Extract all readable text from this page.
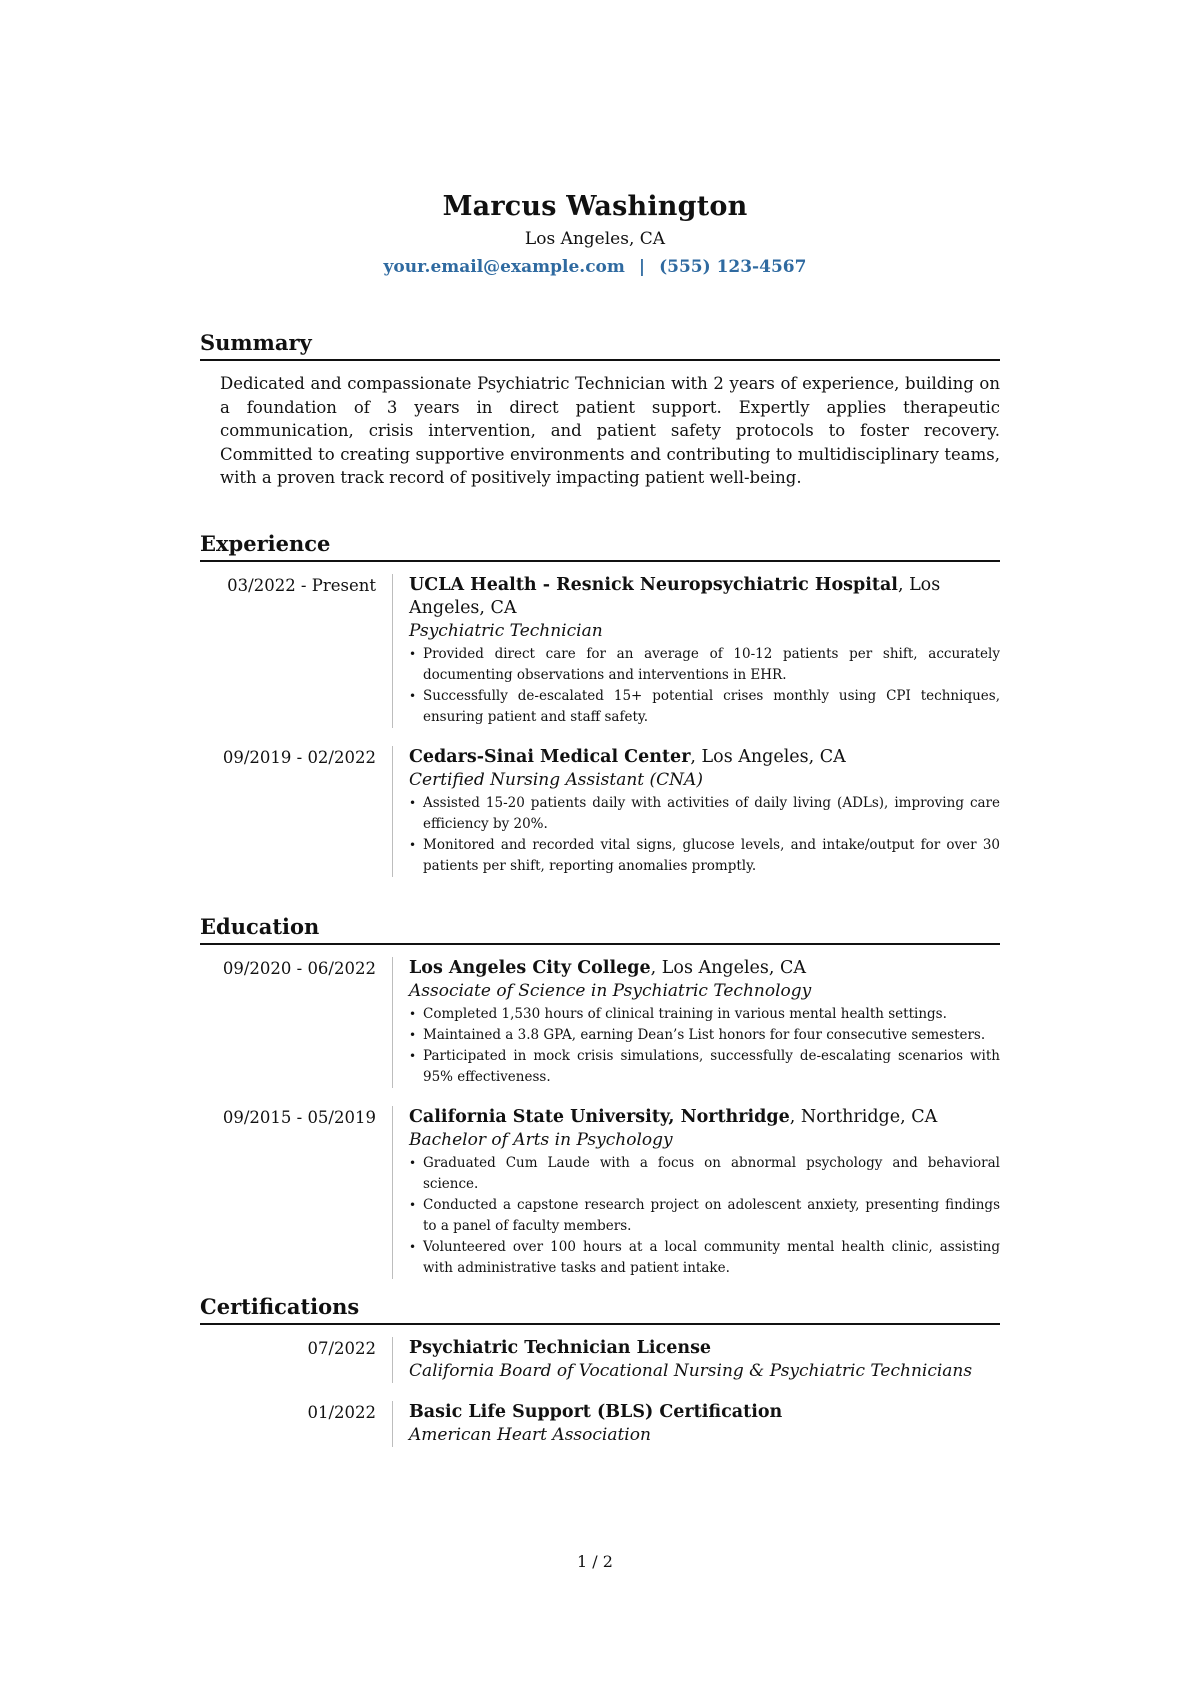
Marcus Washington
Los Angeles, CA
your.email@example.com | (555) 123-4567
Summary
Dedicated and compassionate Psychiatric Technician with 2 years of experience, building on a foundation of 3 years in direct patient support. Expertly applies therapeutic communication, crisis intervention, and patient safety protocols to foster recovery. Committed to creating supportive environments and contributing to multidisciplinary teams, with a proven track record of positively impacting patient well-being.
Experience
03/2022 - Present UCLA Health - Resnick Neuropsychiatric Hospital, Los Angeles, CA
Psychiatric Technician
• Provided direct care for an average of 10-12 patients per shift, accurately documenting observations and interventions in EHR.
• Successfully de-escalated 15+ potential crises monthly using CPI techniques, ensuring patient and staff safety.
09/2019 - 02/2022 Cedars-Sinai Medical Center, Los Angeles, CA
Certified Nursing Assistant (CNA)
• Assisted 15-20 patients daily with activities of daily living (ADLs), improving care efficiency by 20%.
• Monitored and recorded vital signs, glucose levels, and intake/output for over 30 patients per shift, reporting anomalies promptly.
Education
09/2020 - 06/2022 Los Angeles City College, Los Angeles, CA
Associate of Science in Psychiatric Technology
• Completed 1,530 hours of clinical training in various mental health settings.
• Maintained a 3.8 GPA, earning Dean’s List honors for four consecutive semesters.
• Participated in mock crisis simulations, successfully de-escalating scenarios with 95% effectiveness.
09/2015 - 05/2019 California State University, Northridge, Northridge, CA
Bachelor of Arts in Psychology
• Graduated Cum Laude with a focus on abnormal psychology and behavioral science.
• Conducted a capstone research project on adolescent anxiety, presenting findings to a panel of faculty members.
• Volunteered over 100 hours at a local community mental health clinic, assisting with administrative tasks and patient intake.
Certifications
07/2022 Psychiatric Technician License
California Board of Vocational Nursing & Psychiatric Technicians
01/2022 Basic Life Support (BLS) Certification
American Heart Association
1 / 2
